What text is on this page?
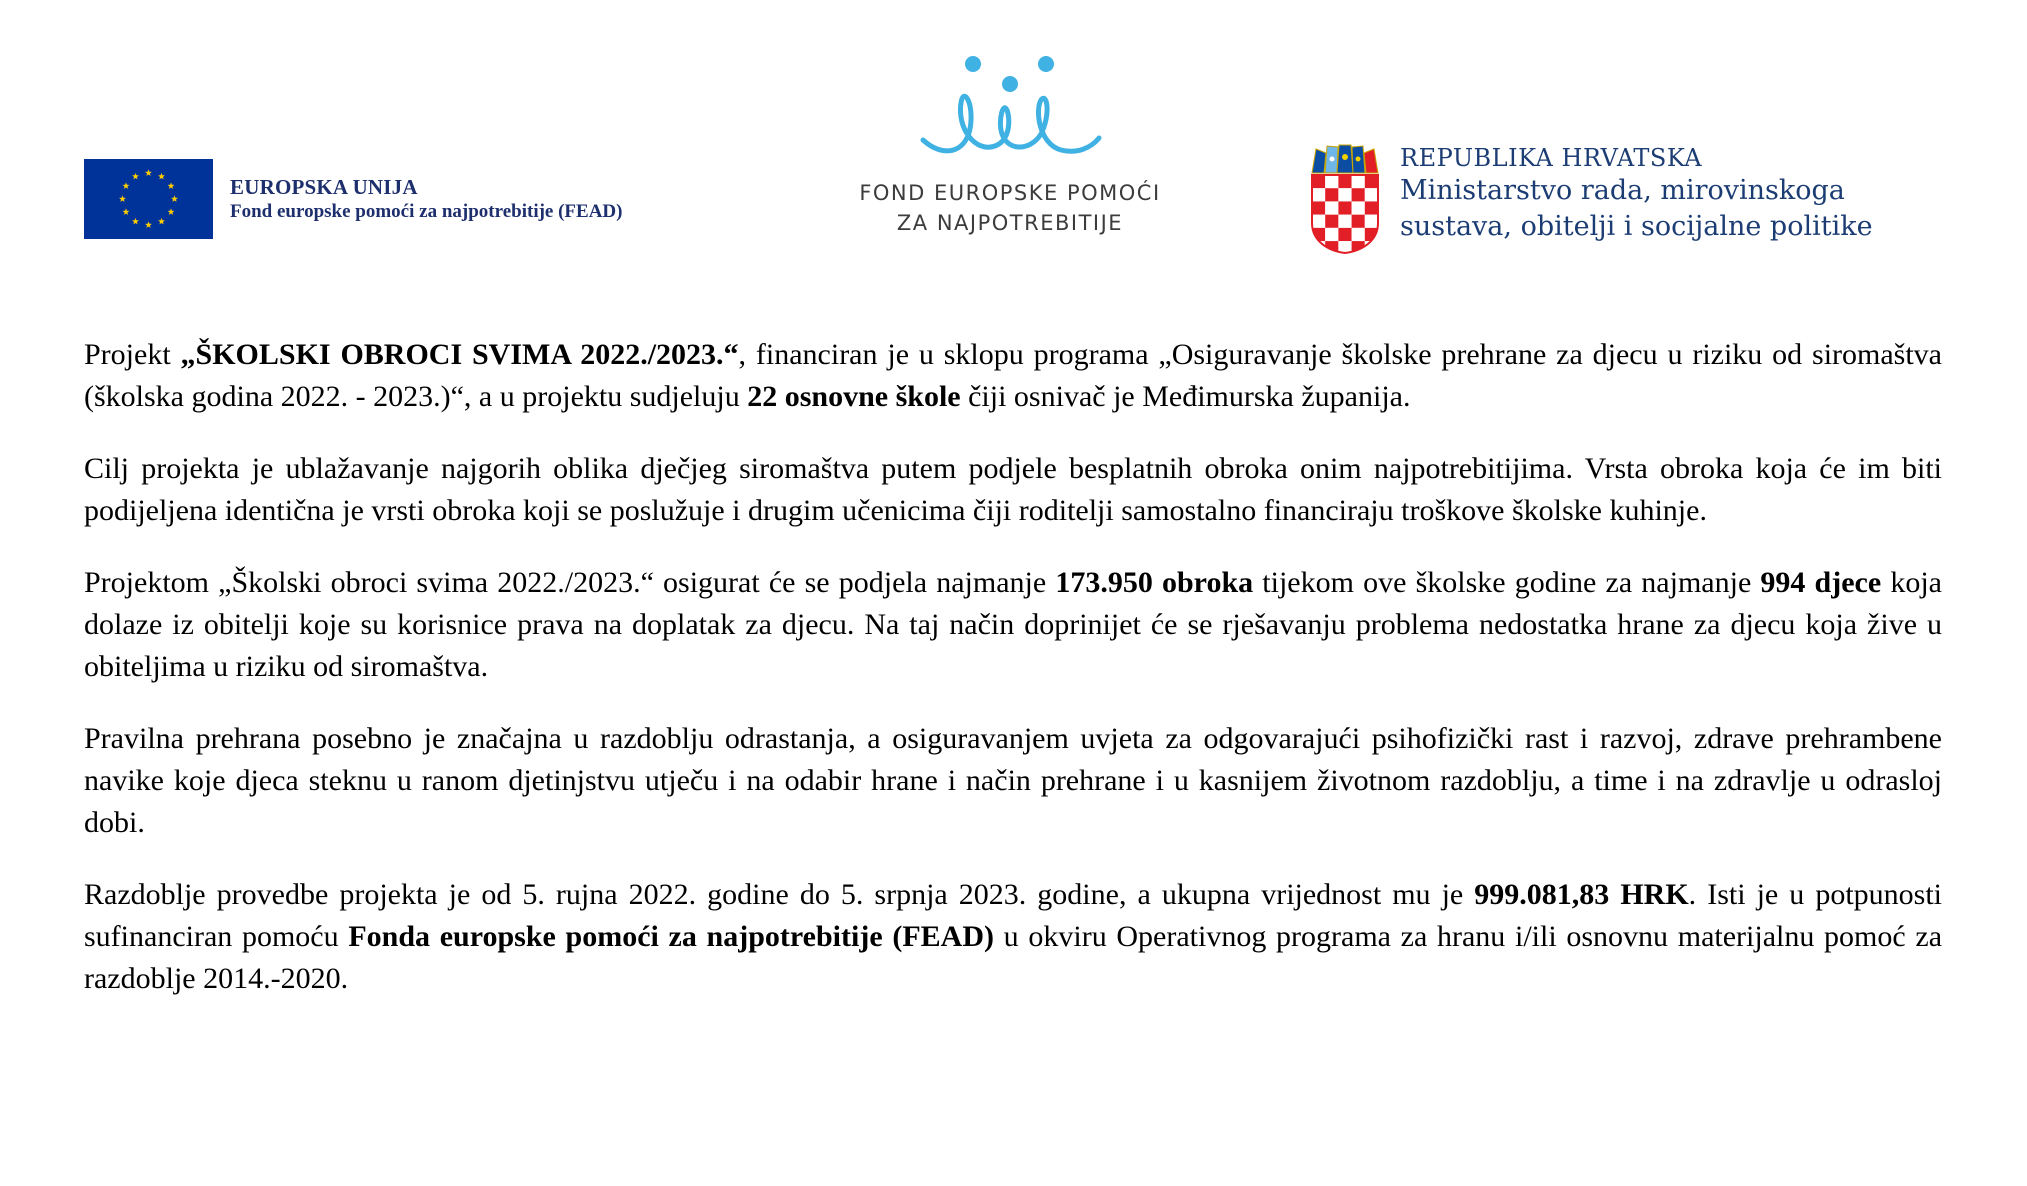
EUROPSKA UNIJA
Fond europske pomoći za najpotrebitije (FEAD)
FOND EUROPSKE POMOĆI
ZA NAJPOTREBITIJE
REPUBLIKA HRVATSKA
Ministarstvo rada, mirovinskoga
sustava, obitelji i socijalne politike

Projekt „ŠKOLSKI OBROCI SVIMA 2022./2023.“, financiran je u sklopu programa „Osiguravanje školske prehrane za djecu u riziku od siromaštva (školska godina 2022. - 2023.)“, a u projektu sudjeluju 22 osnovne škole čiji osnivač je Međimurska županija.

Cilj projekta je ublažavanje najgorih oblika dječjeg siromaštva putem podjele besplatnih obroka onim najpotrebitijima. Vrsta obroka koja će im biti podijeljena identična je vrsti obroka koji se poslužuje i drugim učenicima čiji roditelji samostalno financiraju troškove školske kuhinje.

Projektom „Školski obroci svima 2022./2023.“ osigurat će se podjela najmanje 173.950 obroka tijekom ove školske godine za najmanje 994 djece koja dolaze iz obitelji koje su korisnice prava na doplatak za djecu. Na taj način doprinijet će se rješavanju problema nedostatka hrane za djecu koja žive u obiteljima u riziku od siromaštva.

Pravilna prehrana posebno je značajna u razdoblju odrastanja, a osiguravanjem uvjeta za odgovarajući psihofizički rast i razvoj, zdrave prehrambene navike koje djeca steknu u ranom djetinjstvu utječu i na odabir hrane i način prehrane i u kasnijem životnom razdoblju, a time i na zdravlje u odrasloj dobi.

Razdoblje provedbe projekta je od 5. rujna 2022. godine do 5. srpnja 2023. godine, a ukupna vrijednost mu je 999.081,83 HRK. Isti je u potpunosti sufinanciran pomoću Fonda europske pomoći za najpotrebitije (FEAD) u okviru Operativnog programa za hranu i/ili osnovnu materijalnu pomoć za razdoblje 2014.-2020.
